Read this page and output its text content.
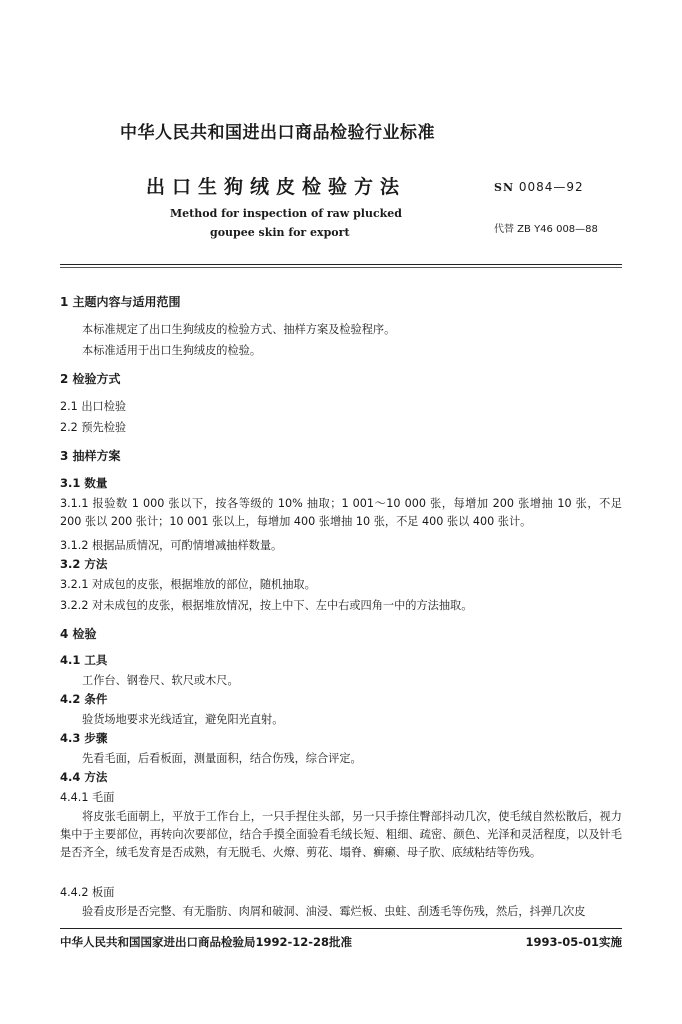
中华人民共和国进出口商品检验行业标准
出口生狗绒皮检验方法
Method for inspection of raw plucked
goupee skin for export
SN 0084—92
代替 ZB Y46 008—88
1 主题内容与适用范围
本标准规定了出口生狗绒皮的检验方式、抽样方案及检验程序。
本标准适用于出口生狗绒皮的检验。
2 检验方式
2.1 出口检验
2.2 预先检验
3 抽样方案
3.1 数量
3.1.1 报验数 1 000 张以下，按各等级的 10% 抽取；1 001～10 000 张，每增加 200 张增抽 10 张，不足 200 张以 200 张计；10 001 张以上，每增加 400 张增抽 10 张，不足 400 张以 400 张计。
3.1.2 根据品质情况，可酌情增减抽样数量。
3.2 方法
3.2.1 对成包的皮张，根据堆放的部位，随机抽取。
3.2.2 对未成包的皮张，根据堆放情况，按上中下、左中右或四角一中的方法抽取。
4 检验
4.1 工具
工作台、钢卷尺、软尺或木尺。
4.2 条件
验货场地要求光线适宜，避免阳光直射。
4.3 步骤
先看毛面，后看板面，测量面积，结合伤残，综合评定。
4.4 方法
4.4.1 毛面
将皮张毛面朝上，平放于工作台上，一只手捏住头部，另一只手捺住臀部抖动几次，使毛绒自然松散后，视力集中于主要部位，再转向次要部位，结合手摸全面验看毛绒长短、粗细、疏密、颜色、光泽和灵活程度，以及针毛是否齐全，绒毛发育是否成熟，有无脱毛、火燎、剪花、塌脊、癣癞、母子肷、底绒粘结等伤残。
4.4.2 板面
验看皮形是否完整、有无脂肪、肉屑和破洞、油浸、霉烂板、虫蛀、刮透毛等伤残，然后，抖弹几次皮
中华人民共和国国家进出口商品检验局1992-12-28批准	1993-05-01实施
